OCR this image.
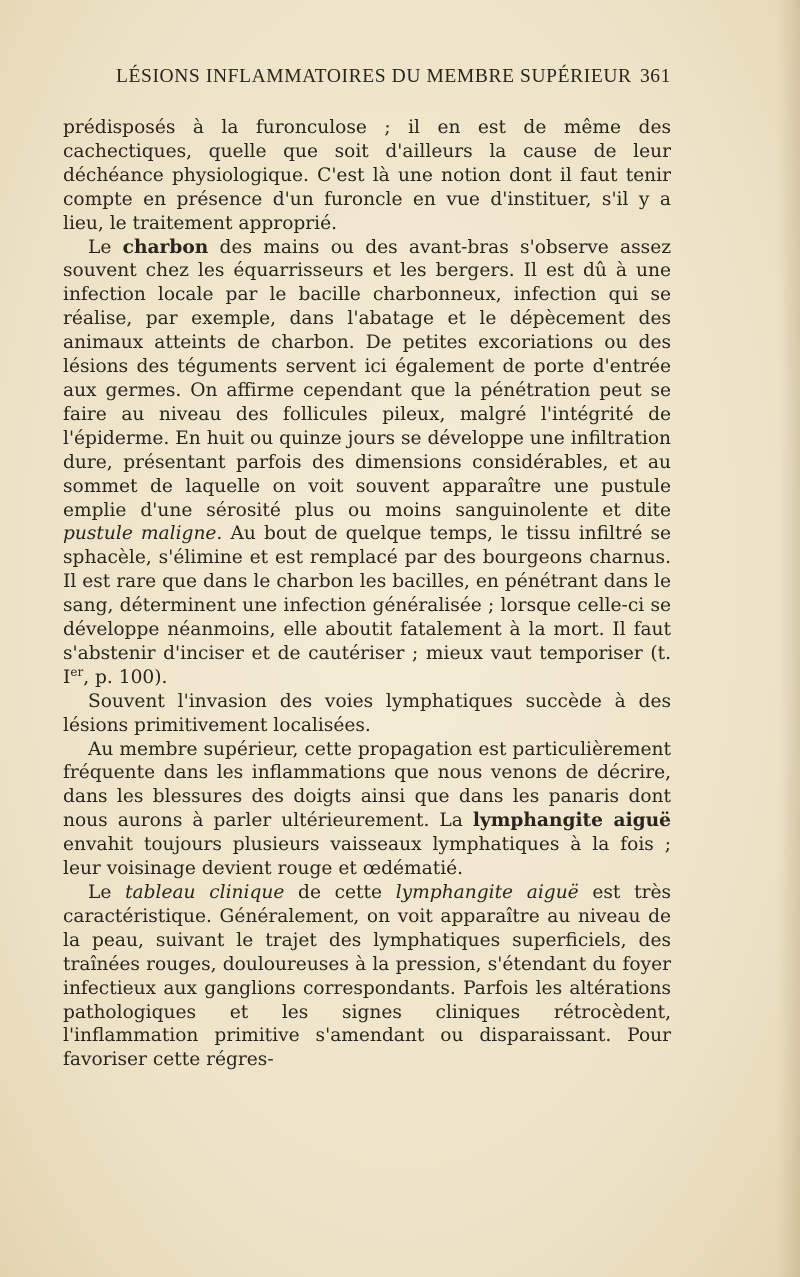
LÉSIONS INFLAMMATOIRES DU MEMBRE SUPÉRIEUR 361

prédisposés à la furonculose ; il en est de même des cachectiques, quelle que soit d'ailleurs la cause de leur déchéance physiologique. C'est là une notion dont il faut tenir compte en présence d'un furoncle en vue d'instituer, s'il y a lieu, le traitement approprié.

Le charbon des mains ou des avant-bras s'observe assez souvent chez les équarrisseurs et les bergers. Il est dû à une infection locale par le bacille charbonneux, infection qui se réalise, par exemple, dans l'abatage et le dépècement des animaux atteints de charbon. De petites excoriations ou des lésions des téguments servent ici également de porte d'entrée aux germes. On affirme cependant que la pénétration peut se faire au niveau des follicules pileux, malgré l'intégrité de l'épiderme. En huit ou quinze jours se développe une infiltration dure, présentant parfois des dimensions considérables, et au sommet de laquelle on voit souvent apparaître une pustule emplie d'une sérosité plus ou moins sanguinolente et dite pustule maligne. Au bout de quelque temps, le tissu infiltré se sphacèle, s'élimine et est remplacé par des bourgeons charnus. Il est rare que dans le charbon les bacilles, en pénétrant dans le sang, déterminent une infection généralisée ; lorsque celle-ci se développe néanmoins, elle aboutit fatalement à la mort. Il faut s'abstenir d'inciser et de cautériser ; mieux vaut temporiser (t. Ier, p. 100).

Souvent l'invasion des voies lymphatiques succède à des lésions primitivement localisées.

Au membre supérieur, cette propagation est particulièrement fréquente dans les inflammations que nous venons de décrire, dans les blessures des doigts ainsi que dans les panaris dont nous aurons à parler ultérieurement. La lymphangite aiguë envahit toujours plusieurs vaisseaux lymphatiques à la fois ; leur voisinage devient rouge et œdématié.

Le tableau clinique de cette lymphangite aiguë est très caractéristique. Généralement, on voit apparaître au niveau de la peau, suivant le trajet des lymphatiques superficiels, des traînées rouges, douloureuses à la pression, s'étendant du foyer infectieux aux ganglions correspondants. Parfois les altérations pathologiques et les signes cliniques rétrocèdent, l'inflammation primitive s'amendant ou disparaissant. Pour favoriser cette régres-
